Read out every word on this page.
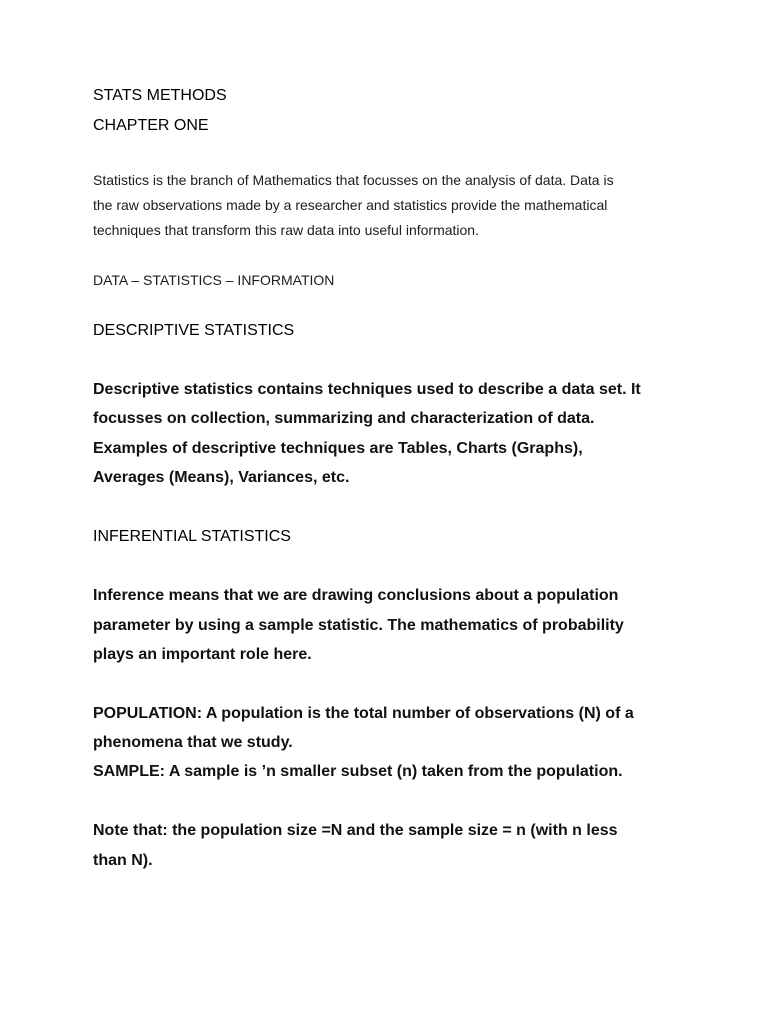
STATS METHODS

CHAPTER ONE

Statistics is the branch of Mathematics that focusses on the analysis of data. Data is

the raw observations made by a researcher and statistics provide the mathematical

techniques that transform this raw data into useful information.

DATA – STATISTICS – INFORMATION

DESCRIPTIVE STATISTICS

Descriptive statistics contains techniques used to describe a data set. It

focusses on collection, summarizing and characterization of data.

Examples of descriptive techniques are Tables, Charts (Graphs),

Averages (Means), Variances, etc.

INFERENTIAL STATISTICS

Inference means that we are drawing conclusions about a population

parameter by using a sample statistic. The mathematics of probability

plays an important role here.

POPULATION: A population is the total number of observations (N) of a

phenomena that we study.

SAMPLE: A sample is ’n smaller subset (n) taken from the population.

Note that: the population size =N and the sample size = n (with n less

than N).
